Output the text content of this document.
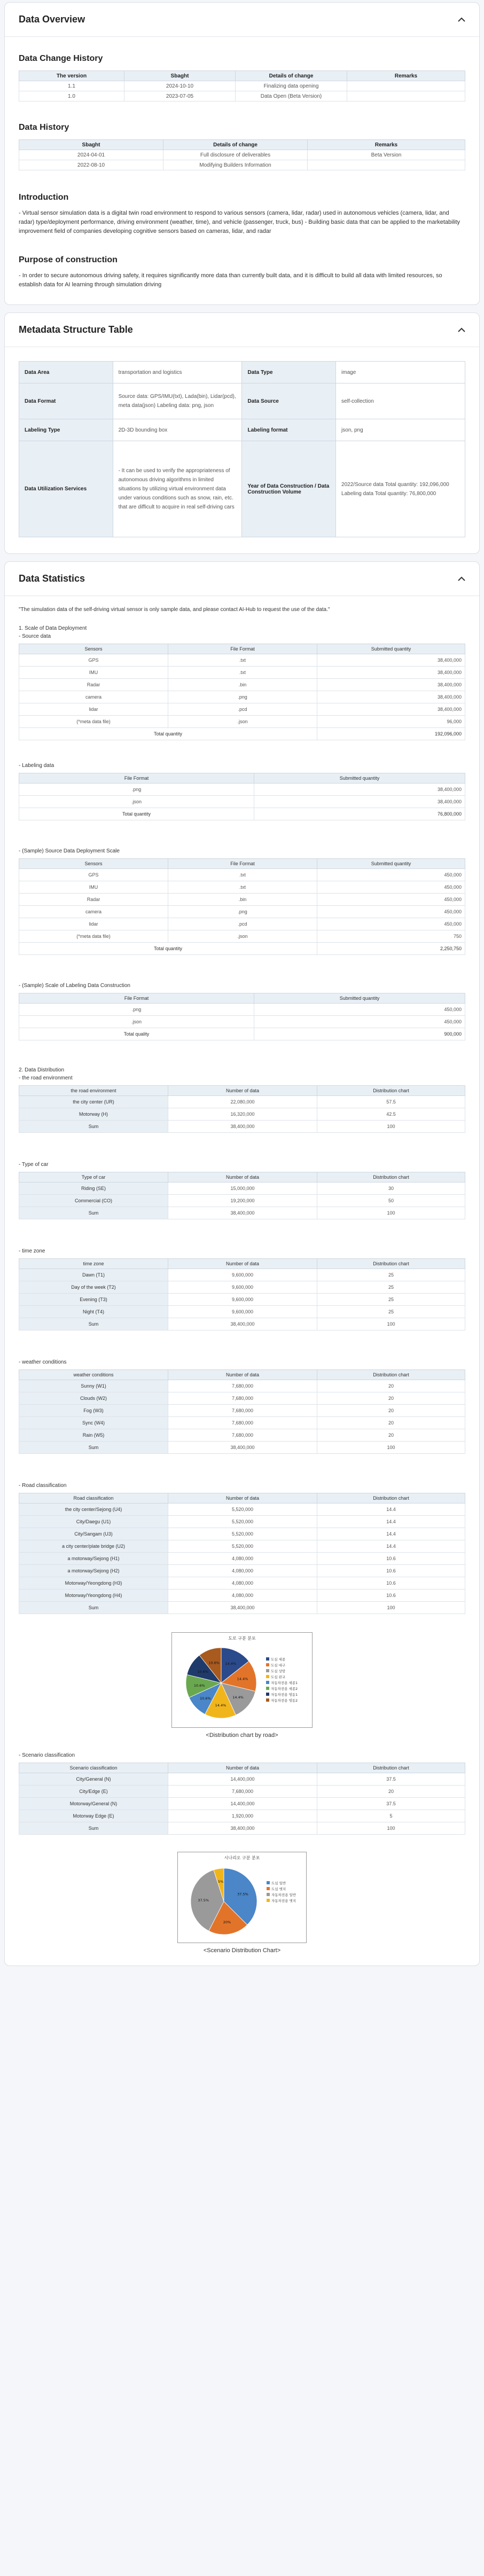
Data Overview
Data Change History
The version	Sbaght	Details of change	Remarks
1.1	2024-10-10	Finalizing data opening	
1.0	2023-07-05	Data Open (Beta Version)	
Data History
Sbaght	Details of change	Remarks
2024-04-01	Full disclosure of deliverables	Beta Version
2022-08-10	Modifying Builders Information	
Introduction

- Virtual sensor simulation data is a digital twin road environment to respond to various sensors (camera, lidar, radar) used in autonomous vehicles (camera, lidar, and radar) type/deployment performance, driving environment (weather, time), and vehicle (passenger, truck, bus) - Building basic data that can be applied to the marketability improvement field of companies developing cognitive sensors based on cameras, lidar, and radar

Purpose of construction

- In order to secure autonomous driving safety, it requires significantly more data than currently built data, and it is difficult to build all data with limited resources, so establish data for AI learning through simulation driving

Metadata Structure Table
Data Area	transportation and logistics	Data Type	image
Data Format	Source data: GPS/IMU(txt), Lada(bin), Lidar(pcd), meta data(json) Labeling data: png, json	Data Source	self-collection
Labeling Type	2D-3D bounding box	Labeling format	json, png
Data Utilization Services	- It can be used to verify the appropriateness of autonomous driving algorithms in limited situations by utilizing virtual environment data under various conditions such as snow, rain, etc. that are difficult to acquire in real self-driving cars	Year of Data Construction / Data Construction Volume	2022/Source data Total quantity: 192,096,000 Labeling data Total quantity: 76,800,000
Data Statistics

"The simulation data of the self-driving virtual sensor is only sample data, and please contact AI-Hub to request the use of the data."

1. Scale of Data Deployment

- Source data

Sensors	File Format	Submitted quantity
GPS	.txt	38,400,000
IMU	.txt	38,400,000
Radar	.bin	38,400,000
camera	.png	38,400,000
lidar	.pcd	38,400,000
(*meta data file)	.json	96,000
Total quantity		192,096,000

- Labeling data

File Format	Submitted quantity
.png	38,400,000
.json	38,400,000
Total quantity	76,800,000

- (Sample) Source Data Deployment Scale

Sensors	File Format	Submitted quantity
GPS	.txt	450,000
IMU	.txt	450,000
Radar	.bin	450,000
camera	.png	450,000
lidar	.pcd	450,000
(*meta data file)	.json	750
Total quantity		2,250,750

- (Sample) Scale of Labeling Data Construction

File Format	Submitted quantity
.png	450,000
.json	450,000
Total quality	900,000

2. Data Distribution

- the road environment

the road environment	Number of data	Distribution chart
the city center (UR)	22,080,000	57.5
Motorway (H)	16,320,000	42.5
Sum	38,400,000	100

- Type of car

Type of car	Number of data	Distribution chart
Riding (SE)	15,000,000	30
Commercial (CO)	19,200,000	50
Sum	38,400,000	100

- time zone

time zone	Number of data	Distribution chart
Dawn (T1)	9,600,000	25
Day of the week (T2)	9,600,000	25
Evening (T3)	9,600,000	25
Night (T4)	9,600,000	25
Sum	38,400,000	100

- weather conditions

weather conditions	Number of data	Distribution chart
Sunny (W1)	7,680,000	20
Clouds (W2)	7,680,000	20
Fog (W3)	7,680,000	20
Sync (W4)	7,680,000	20
Rain (W5)	7,680,000	20
Sum	38,400,000	100

- Road classification

Road classification	Number of data	Distribution chart
the city center/Sejong (U4)	5,520,000	14.4
City/Daegu (U1)	5,520,000	14.4
City/Sangam (U3)	5,520,000	14.4
a city center/plate bridge (U2)	5,520,000	14.4
a motorway/Sejong (H1)	4,080,000	10.6
a motorway/Sejong (H2)	4,080,000	10.6
Motorway/Yeongdong (H3)	4,080,000	10.6
Motorway/Yeongdong (H4)	4,080,000	10.6
Sum	38,400,000	100
도로 구분 분포
14.4%
14.4%
14.4%
14.4%
10.6%
10.6%
10.6%
10.6%
도심 세종
도심 대구
도심 상암
도심 판교
자동차전용 세종1
자동차전용 세종2
자동차전용 영동1
자동차전용 영동2

<Distribution chart by road>

- Scenario classification

Scenario classification	Number of data	Distribution chart
City/General (N)	14,400,000	37.5
City/Edge (E)	7,680,000	20
Motorway/General (N)	14,400,000	37.5
Motorway Edge (E)	1,920,000	5
Sum	38,400,000	100
시나리오 구분 분포
37.5%
20%
37.5%
5%	도심 일반
도심 엣지
자동차전용 일반
자동차전용 엣지

<Scenario Distribution Chart>
